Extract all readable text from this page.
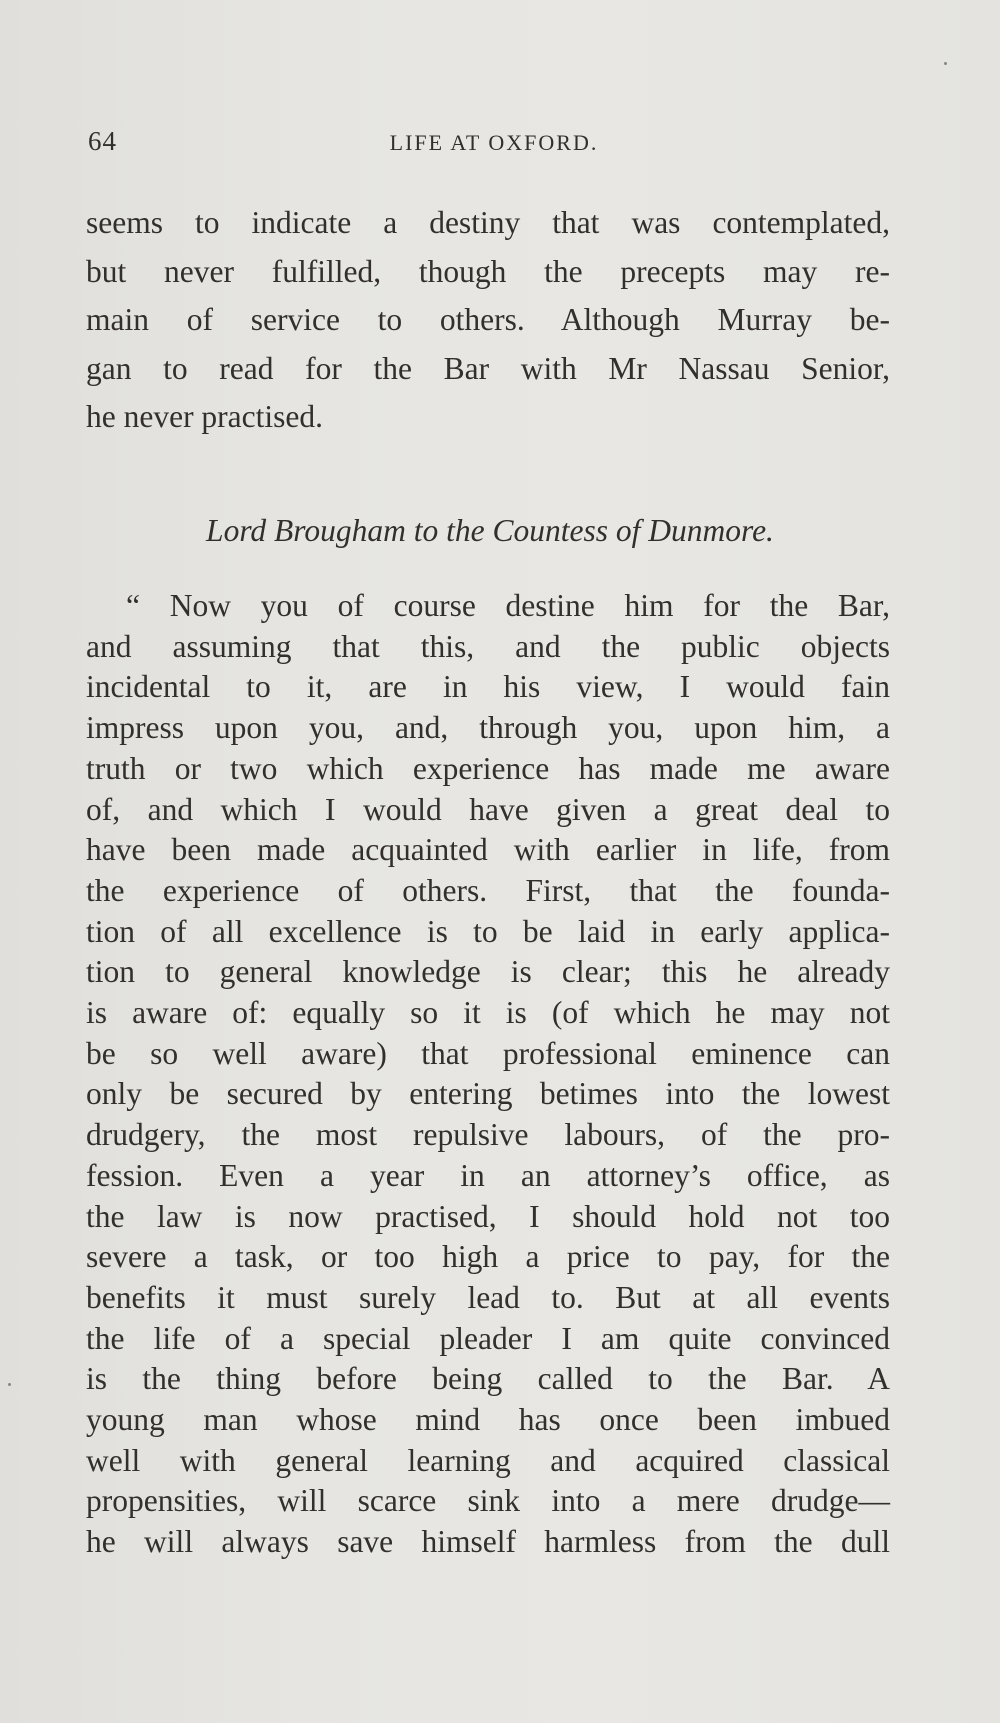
64	LIFE AT OXFORD.
seems to indicate a destiny that was contemplated,
but never fulfilled, though the precepts may re-
main of service to others. Although Murray be-
gan to read for the Bar with Mr Nassau Senior,
he never practised.
Lord Brougham to the Countess of Dunmore.
“ Now you of course destine him for the Bar,
and assuming that this, and the public objects
incidental to it, are in his view, I would fain
impress upon you, and, through you, upon him, a
truth or two which experience has made me aware
of, and which I would have given a great deal to
have been made acquainted with earlier in life, from
the experience of others. First, that the founda-
tion of all excellence is to be laid in early applica-
tion to general knowledge is clear; this he already
is aware of: equally so it is (of which he may not
be so well aware) that professional eminence can
only be secured by entering betimes into the lowest
drudgery, the most repulsive labours, of the pro-
fession. Even a year in an attorney’s office, as
the law is now practised, I should hold not too
severe a task, or too high a price to pay, for the
benefits it must surely lead to. But at all events
the life of a special pleader I am quite convinced
is the thing before being called to the Bar. A
young man whose mind has once been imbued
well with general learning and acquired classical
propensities, will scarce sink into a mere drudge—
he will always save himself harmless from the dull
